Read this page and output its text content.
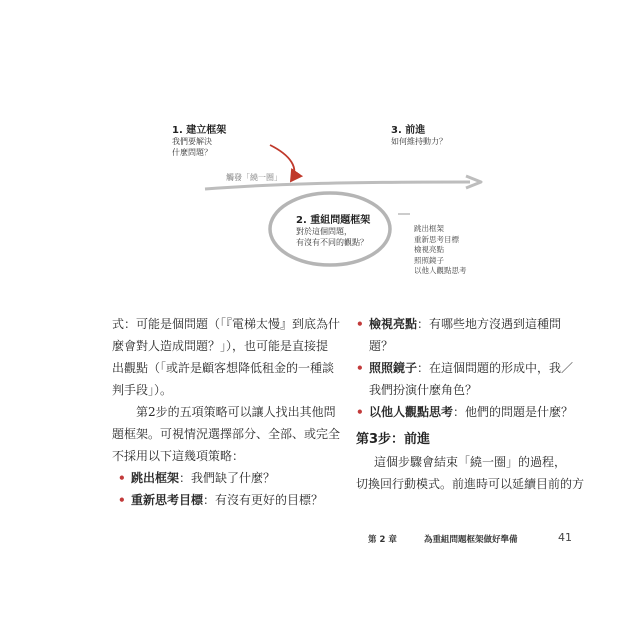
1. 建立框架
我們要解決
什麼問題？
3. 前進
如何維持動力？
觸發「繞一圈」
2. 重組問題框架
對於這個問題，
有沒有不同的觀點？
跳出框架
重新思考目標
檢視亮點
照照鏡子
以他人觀點思考
式：可能是個問題（「『電梯太慢』到底為什
麼會對人造成問題？」），也可能是直接提
出觀點（「或許是顧客想降低租金的一種談
判手段」）。
第2步的五項策略可以讓人找出其他問
題框架。可視情況選擇部分、全部、或完全
不採用以下這幾項策略：
• 跳出框架：我們缺了什麼？
• 重新思考目標：有沒有更好的目標？
• 檢視亮點：有哪些地方沒遇到這種問
題？
• 照照鏡子：在這個問題的形成中，我／
我們扮演什麼角色？
• 以他人觀點思考：他們的問題是什麼？
第3步：前進
這個步驟會結束「繞一圈」的過程，
切換回行動模式。前進時可以延續目前的方
第 2 章	為重組問題框架做好準備	41
